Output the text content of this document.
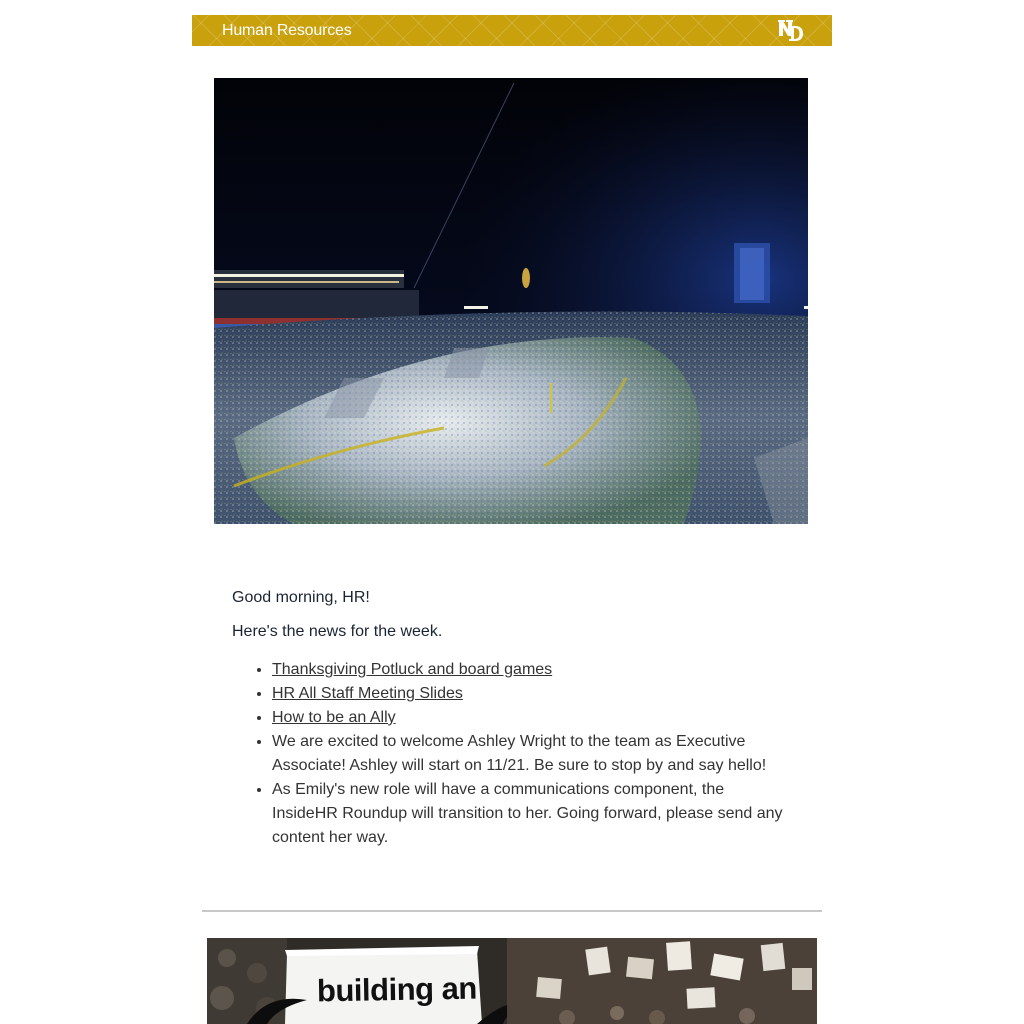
Human Resources

Good morning, HR!

Here's the news for the week.

• Thanksgiving Potluck and board games
• HR All Staff Meeting Slides
• How to be an Ally
• We are excited to welcome Ashley Wright to the team as Executive Associate! Ashley will start on 11/21. Be sure to stop by and say hello!
• As Emily's new role will have a communications component, the InsideHR Roundup will transition to her. Going forward, please send any content her way.
building an
